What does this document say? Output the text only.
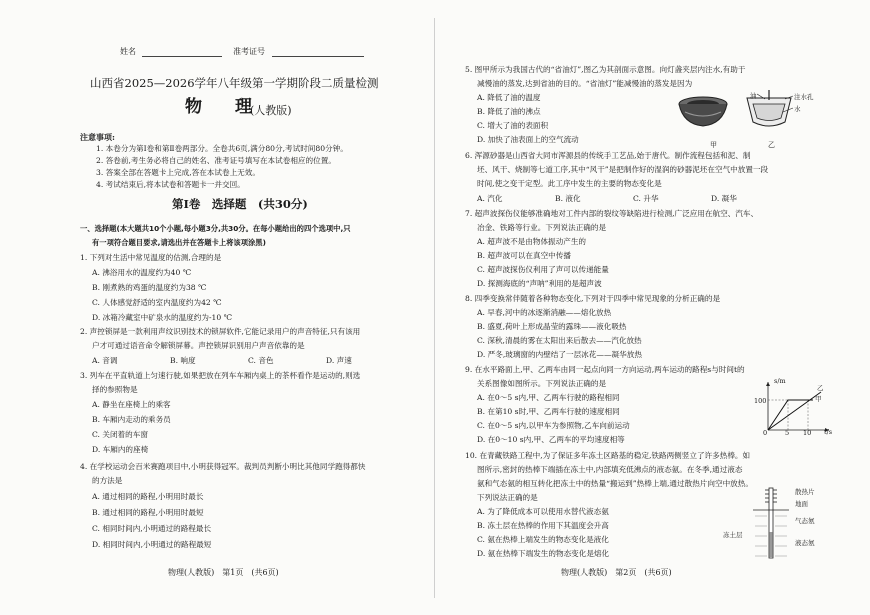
姓名	准考证号
山西省2025—2026学年八年级第一学期阶段二质量检测
物　理
(人教版)
注意事项:
1. 本卷分为第Ⅰ卷和第Ⅱ卷两部分。全卷共6页,满分80分,考试时间80分钟。
2. 答卷前,考生务必将自己的姓名、准考证号填写在本试卷相应的位置。
3. 答案全部在答题卡上完成,答在本试卷上无效。
4. 考试结束后,将本试卷和答题卡一并交回。
第Ⅰ卷　选择题　(共30分)
一、选择题(本大题共10个小题,每小题3分,共30分。在每小题给出的四个选项中,只
有一项符合题目要求,请选出并在答题卡上将该项涂黑)
1. 下列对生活中常见温度的估测,合理的是
A. 沸浴用水的温度约为40 ℃
B. 刚煮熟的鸡蛋的温度约为38 ℃
C. 人体感觉舒适的室内温度约为42 ℃
D. 冰箱冷藏室中矿泉水的温度约为-10 ℃
2. 声控锁屏是一款利用声纹识别技术的锁屏软件,它能记录用户的声音特征,只有该用
户才可通过语音命令解锁屏幕。声控锁屏识别用户声音依靠的是
A. 音调	B. 响度	C. 音色	D. 声速
3. 列车在平直轨道上匀速行驶,如果把放在列车车厢内桌上的茶杯看作是运动的,则选
择的参照物是
A. 静坐在座椅上的乘客
B. 车厢内走动的乘务员
C. 关闭着的车窗
D. 车厢内的座椅
4. 在学校运动会百米赛跑项目中,小明获得冠军。裁判员判断小明比其他同学跑得都快
的方法是
A. 通过相同的路程,小明用时最长
B. 通过相同的路程,小明用时最短
C. 相同时间内,小明通过的路程最长
D. 相同时间内,小明通过的路程最短
物理(人教版)　第1页　(共6页)
5. 图甲所示为我国古代的“省油灯”,图乙为其剖面示意图。向灯盏夹层内注水,有助于
减慢油的蒸发,达到省油的目的。“省油灯”能减慢油的蒸发是因为
A. 降低了油的温度
B. 降低了油的沸点
C. 增大了油的表面积
D. 加快了油表面上的空气流动
甲	乙
注水孔
水
油
6. 浑源砂器是山西省大同市浑源县的传统手工艺品,始于唐代。制作流程包括和泥、制
坯、风干、烧制等七道工序,其中“风干”是把制作好的湿润的砂器泥坯在空气中放置一段
时间,使之变干定型。此工序中发生的主要的物态变化是
A. 汽化	B. 液化	C. 升华	D. 凝华
7. 超声波探伤仪能够准确地对工件内部的裂纹等缺陷进行检测,广泛应用在航空、汽车、
冶金、铁路等行业。下列说法正确的是
A. 超声波不是由物体振动产生的
B. 超声波可以在真空中传播
C. 超声波探伤仪利用了声可以传递能量
D. 探测海底的“声呐”利用的是超声波
8. 四季变换常伴随着各种物态变化,下列对于四季中常见现象的分析正确的是
A. 早春,河中的冰逐渐消融——熔化放热
B. 盛夏,荷叶上形成晶莹的露珠——液化吸热
C. 深秋,清晨的雾在太阳出来后散去——汽化放热
D. 严冬,玻璃窗的内壁结了一层冰花——凝华放热
9. 在水平路面上,甲、乙两车由同一起点向同一方向运动,两车运动的路程s与时间t的
关系图像如图所示。下列说法正确的是
A. 在0～5 s内,甲、乙两车行驶的路程相同
B. 在第10 s时,甲、乙两车行驶的速度相同
C. 在0～5 s内,以甲车为参照物,乙车向前运动
D. 在0～10 s内,甲、乙两车的平均速度相等
s/m
t/s
100
0	5 10
甲
乙
10. 在青藏铁路工程中,为了保证多年冻土区路基的稳定,铁路两侧竖立了许多热棒。如
图所示,密封的热棒下端插在冻土中,内部填充低沸点的液态氨。在冬季,通过液态
氨和气态氨的相互转化把冻土中的热量“搬运到”热棒上端,通过散热片向空中放热。
下列说法正确的是
A. 为了降低成本可以使用水替代液态氨
B. 冻土层在热棒的作用下其温度会升高
C. 氨在热棒上端发生的物态变化是液化
D. 氨在热棒下端发生的物态变化是熔化
散热片
地面
气态氨
液态氨
冻土层
物理(人教版)　第2页　(共6页)
